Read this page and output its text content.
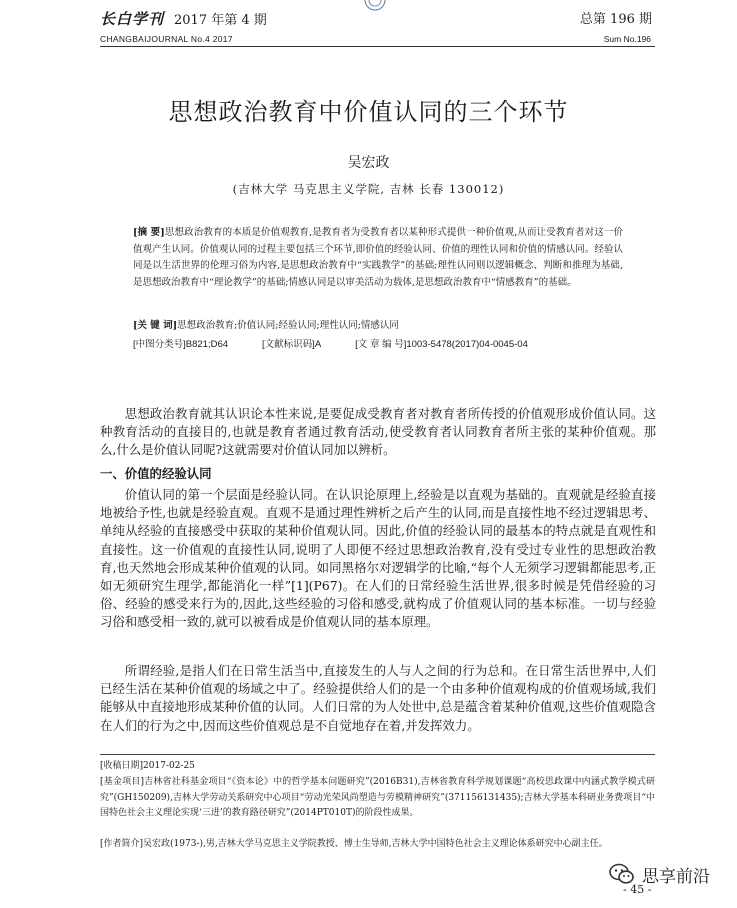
长白学刊 2017 年第 4 期
CHANGBAIJOURNAL No.4 2017
总第 196 期
Sum No.196
思想政治教育中价值认同的三个环节
吴宏政
(吉林大学 马克思主义学院, 吉林 长春 130012)
[摘 要]思想政治教育的本质是价值观教育,是教育者为受教育者以某种形式提供一种价值观,从而让受教育者对这一价值观产生认同。价值观认同的过程主要包括三个环节,即价值的经验认同、价值的理性认同和价值的情感认同。经验认同是以生活世界的伦理习俗为内容,是思想政治教育中“实践教学”的基础;理性认同则以逻辑概念、判断和推理为基础,是思想政治教育中“理论教学”的基础;情感认同是以审美活动为载体,是思想政治教育中“情感教育”的基础。
[关 键 词]思想政治教育;价值认同;经验认同;理性认同;情感认同
[中图分类号]B821;D64	[文献标识码]A	[文 章 编 号]1003-5478(2017)04-0045-04

思想政治教育就其认识论本性来说,是要促成受教育者对教育者所传授的价值观形成价值认同。这种教育活动的直接目的,也就是教育者通过教育活动,使受教育者认同教育者所主张的某种价值观。那么,什么是价值认同呢?这就需要对价值认同加以辨析。

一、价值的经验认同

价值认同的第一个层面是经验认同。在认识论原理上,经验是以直观为基础的。直观就是经验直接地被给予性,也就是经验直观。直观不是通过理性辨析之后产生的认同,而是直接性地不经过逻辑思考、单纯从经验的直接感受中获取的某种价值观认同。因此,价值的经验认同的最基本的特点就是直观性和直接性。这一价值观的直接性认同,说明了人即便不经过思想政治教育,没有受过专业性的思想政治教育,也天然地会形成某种价值观的认同。如同黑格尔对逻辑学的比喻,“每个人无须学习逻辑都能思考,正如无须研究生理学,都能消化一样”[1](P67)。在人们的日常经验生活世界,很多时候是凭借经验的习俗、经验的感受来行为的,因此,这些经验的习俗和感受,就构成了价值观认同的基本标准。一切与经验习俗和感受相一致的,就可以被看成是价值观认同的基本原理。

所谓经验,是指人们在日常生活当中,直接发生的人与人之间的行为总和。在日常生活世界中,人们已经生活在某种价值观的场域之中了。经验提供给人们的是一个由多种价值观构成的价值观场域,我们能够从中直接地形成某种价值的认同。人们日常的为人处世中,总是蕴含着某种价值观,这些价值观隐含在人们的行为之中,因而这些价值观总是不自觉地存在着,并发挥效力。

[收稿日期]2017-02-25
[基金项目]吉林省社科基金项目“《资本论》中的哲学基本问题研究”(2016B31),吉林省教育科学规划课题“高校思政课中内涵式教学模式研究”(GH150209),吉林大学劳动关系研究中心项目“劳动光荣风尚塑造与劳模精神研究”(371156131435);吉林大学基本科研业务费项目“中国特色社会主义理论实现‘三进’的教育路径研究”(2014PT010T)的阶段性成果。
[作者简介]吴宏政(1973-),男,吉林大学马克思主义学院教授、博士生导师,吉林大学中国特色社会主义理论体系研究中心副主任。
- 45 -
思享前沿
